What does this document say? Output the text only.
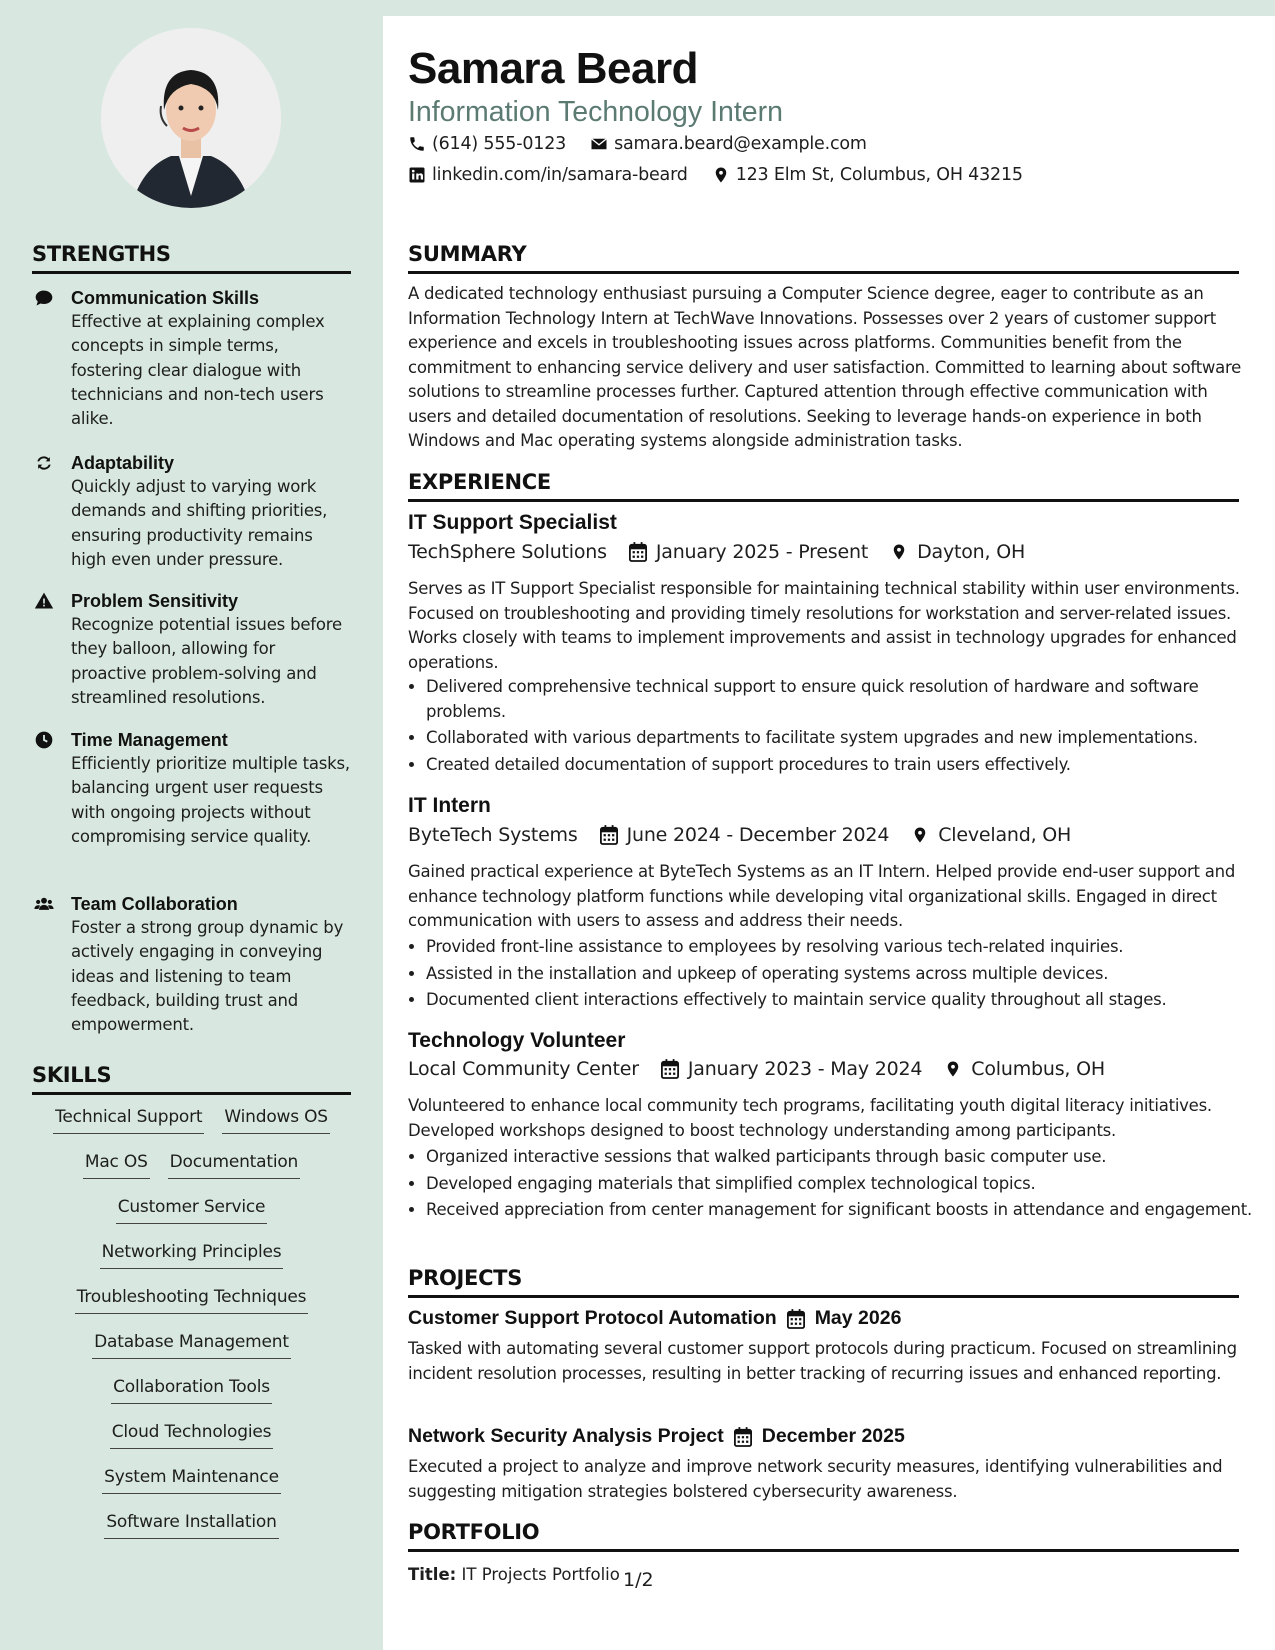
Samara Beard
Information Technology Intern
(614) 555-0123	samara.beard@example.com
linkedin.com/in/samara-beard	123 Elm St, Columbus, OH 43215
STRENGTHS
Communication Skills
Effective at explaining complex concepts in simple terms, fostering clear dialogue with technicians and non-tech users alike.
Adaptability
Quickly adjust to varying work demands and shifting priorities, ensuring productivity remains high even under pressure.
Problem Sensitivity
Recognize potential issues before they balloon, allowing for proactive problem-solving and streamlined resolutions.
Time Management
Efficiently prioritize multiple tasks, balancing urgent user requests with ongoing projects without compromising service quality.
Team Collaboration
Foster a strong group dynamic by actively engaging in conveying ideas and listening to team feedback, building trust and empowerment.
SKILLS
Technical Support Windows OS
Mac OS Documentation
Customer Service
Networking Principles
Troubleshooting Techniques
Database Management
Collaboration Tools
Cloud Technologies
System Maintenance
Software Installation
SUMMARY
A dedicated technology enthusiast pursuing a Computer Science degree, eager to contribute as an Information Technology Intern at TechWave Innovations. Possesses over 2 years of customer support experience and excels in troubleshooting issues across platforms. Communities benefit from the commitment to enhancing service delivery and user satisfaction. Committed to learning about software solutions to streamline processes further. Captured attention through effective communication with users and detailed documentation of resolutions. Seeking to leverage hands-on experience in both Windows and Mac operating systems alongside administration tasks.
EXPERIENCE
IT Support Specialist
TechSphere Solutions	January 2025 - Present	Dayton, OH
Serves as IT Support Specialist responsible for maintaining technical stability within user environments. Focused on troubleshooting and providing timely resolutions for workstation and server-related issues. Works closely with teams to implement improvements and assist in technology upgrades for enhanced operations.
• Delivered comprehensive technical support to ensure quick resolution of hardware and software problems.
• Collaborated with various departments to facilitate system upgrades and new implementations.
• Created detailed documentation of support procedures to train users effectively.
IT Intern
ByteTech Systems	June 2024 - December 2024	Cleveland, OH
Gained practical experience at ByteTech Systems as an IT Intern. Helped provide end-user support and enhance technology platform functions while developing vital organizational skills. Engaged in direct communication with users to assess and address their needs.
• Provided front-line assistance to employees by resolving various tech-related inquiries.
• Assisted in the installation and upkeep of operating systems across multiple devices.
• Documented client interactions effectively to maintain service quality throughout all stages.
Technology Volunteer
Local Community Center	January 2023 - May 2024	Columbus, OH
Volunteered to enhance local community tech programs, facilitating youth digital literacy initiatives. Developed workshops designed to boost technology understanding among participants.
• Organized interactive sessions that walked participants through basic computer use.
• Developed engaging materials that simplified complex technological topics.
• Received appreciation from center management for significant boosts in attendance and engagement.
PROJECTS
Customer Support Protocol Automation May 2026
Tasked with automating several customer support protocols during practicum. Focused on streamlining incident resolution processes, resulting in better tracking of recurring issues and enhanced reporting.
Network Security Analysis Project December 2025
Executed a project to analyze and improve network security measures, identifying vulnerabilities and suggesting mitigation strategies bolstered cybersecurity awareness.
PORTFOLIO
Title: IT Projects Portfolio 1/2
